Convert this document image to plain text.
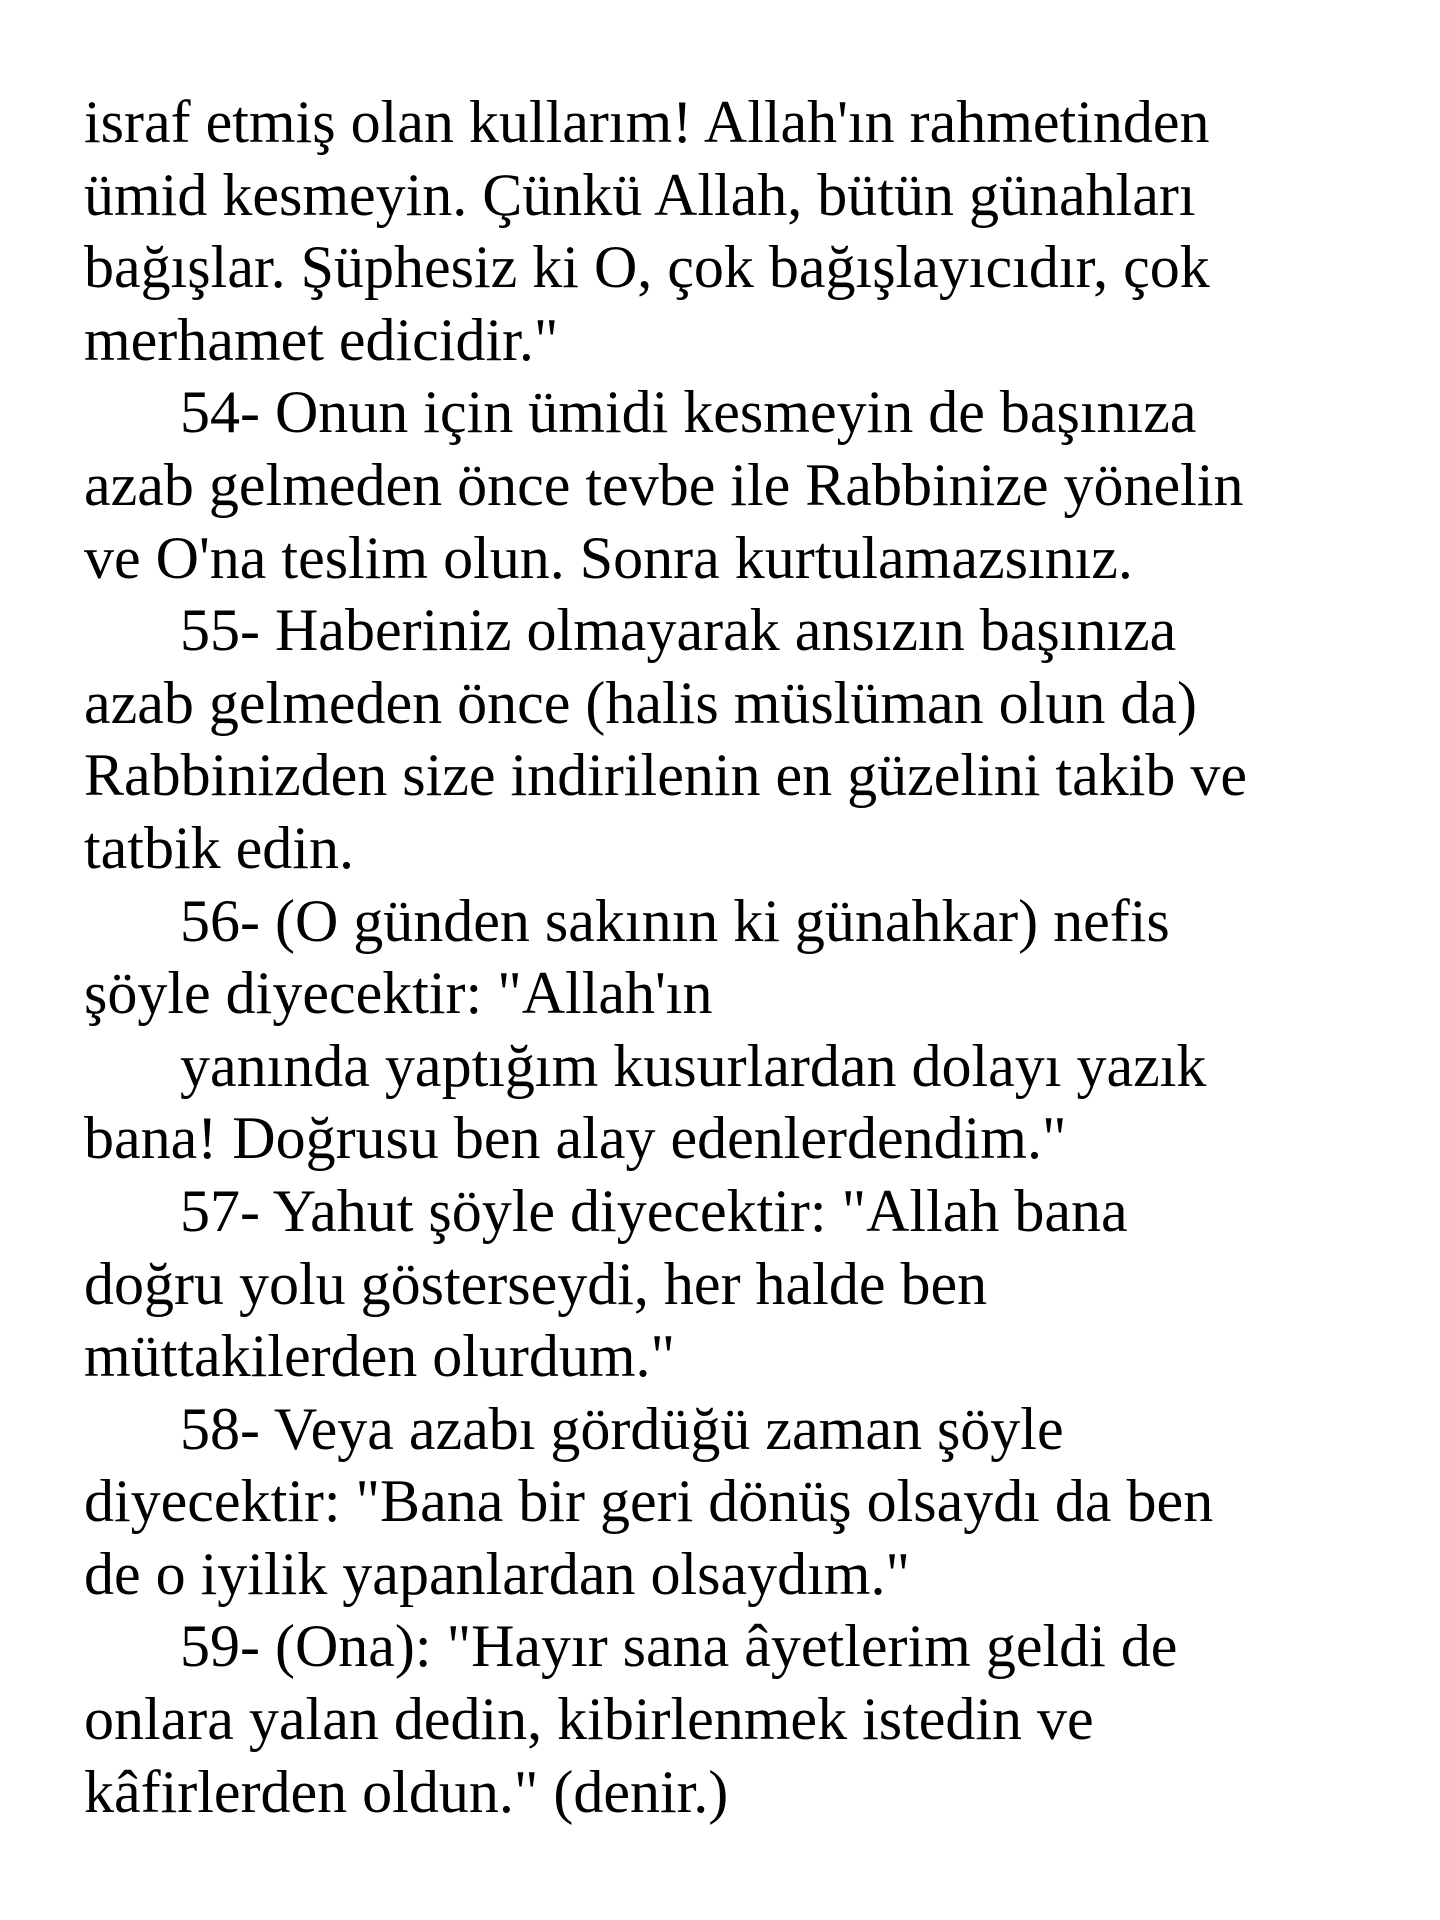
israf etmiş olan kullarım! Allah'ın rahmetinden
ümid kesmeyin. Çünkü Allah, bütün günahları
bağışlar. Şüphesiz ki O, çok bağışlayıcıdır, çok
merhamet edicidir."
54- Onun için ümidi kesmeyin de başınıza
azab gelmeden önce tevbe ile Rabbinize yönelin
ve O'na teslim olun. Sonra kurtulamazsınız.
55- Haberiniz olmayarak ansızın başınıza
azab gelmeden önce (halis müslüman olun da)
Rabbinizden size indirilenin en güzelini takib ve
tatbik edin.
56- (O günden sakının ki günahkar) nefis
şöyle diyecektir: "Allah'ın
yanında yaptığım kusurlardan dolayı yazık
bana! Doğrusu ben alay edenlerdendim."
57- Yahut şöyle diyecektir: "Allah bana
doğru yolu gösterseydi, her halde ben
müttakilerden olurdum."
58- Veya azabı gördüğü zaman şöyle
diyecektir: "Bana bir geri dönüş olsaydı da ben
de o iyilik yapanlardan olsaydım."
59- (Ona): "Hayır sana âyetlerim geldi de
onlara yalan dedin, kibirlenmek istedin ve
kâfirlerden oldun." (denir.)
